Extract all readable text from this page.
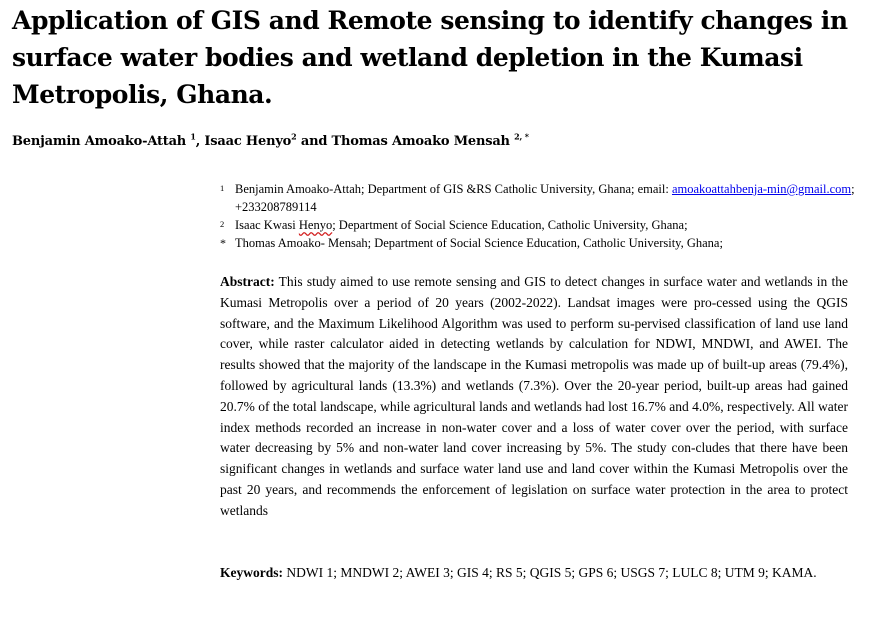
Application of GIS and Remote sensing to identify changes in surface water bodies and wetland depletion in the Kumasi Metropolis, Ghana.
Benjamin Amoako-Attah $^1$, Isaac Henyo$^2$ and Thomas Amoako Mensah $^{2, *}$
1 Benjamin Amoako-Attah; Department of GIS &RS Catholic University, Ghana; email: amoakoattahbenja-min@gmail.com; +233208789114
2 Isaac Kwasi Henyo; Department of Social Science Education, Catholic University, Ghana;
* Thomas Amoako- Mensah; Department of Social Science Education, Catholic University, Ghana;

Abstract: This study aimed to use remote sensing and GIS to detect changes in surface water and wetlands in the Kumasi Metropolis over a period of 20 years (2002-2022). Landsat images were pro-cessed using the QGIS software, and the Maximum Likelihood Algorithm was used to perform su-pervised classification of land use land cover, while raster calculator aided in detecting wetlands by calculation for NDWI, MNDWI, and AWEI. The results showed that the majority of the landscape in the Kumasi metropolis was made up of built-up areas (79.4%), followed by agricultural lands (13.3%) and wetlands (7.3%). Over the 20-year period, built-up areas had gained 20.7% of the total landscape, while agricultural lands and wetlands had lost 16.7% and 4.0%, respectively. All water index methods recorded an increase in non-water cover and a loss of water cover over the period, with surface water decreasing by 5% and non-water land cover increasing by 5%. The study con-cludes that there have been significant changes in wetlands and surface water land use and land cover within the Kumasi Metropolis over the past 20 years, and recommends the enforcement of legislation on surface water protection in the area to protect wetlands

Keywords: NDWI 1; MNDWI 2; AWEI 3; GIS 4; RS 5; QGIS 5; GPS 6; USGS 7; LULC 8; UTM 9; KAMA.
